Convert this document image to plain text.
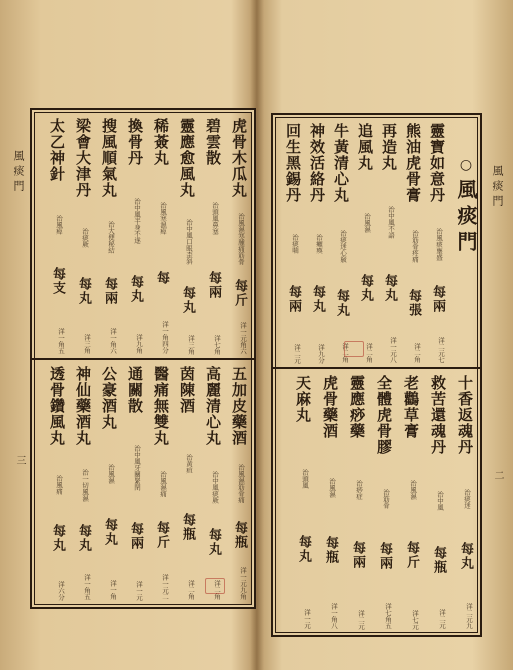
風痰門
三
虎骨木瓜丸
治風濕寒腫痛筋骨
每斤
洋一元角六
碧雲散
治頭風鼻塞
每兩
洋七角
靈應愈風丸
治中風口眼歪斜
每丸
洋三角
稀薟丸
治風寒濕痺
每
洋一角四分
換骨丹
治中風半身不遂
每丸
洋九角
搜風順氣丸
治大便秘結
每兩
洋一角六
梁會大津丹
治痰厥
每丸
洋三角
太乙神針
治風痺
每支
洋一角五
五加皮藥酒
治風濕筋骨痛
每瓶
洋一元九角
高麗清心丸
治中風痰厥
每丸
洋二角
茵陳酒
治黃疸
每瓶
洋二角
醫痛無雙丸
治風濕痛
每斤
洋一元二
通關散
治中風牙關緊閉
每兩
洋一元
公豪酒丸
治風濕
每丸
洋一角
神仙藥酒丸
治一切風濕
每丸
洋一角五
透骨鑽風丸
治風痛
每丸
洋六分
風痰門
二
○風痰門
靈寶如意丹
治風痰壅盛
每兩
洋二元七
熊油虎骨膏
治筋骨疼痛
每張
洋二角
再造丸
治中風不語
每丸
洋一元八
追風丸
治風濕
每丸
洋二角
牛黃清心丸
治痰迷心竅
每丸
洋二角
神效活絡丹
治癱瘓
每丸
洋九分
回生黑錫丹
治痰喘
每兩
洋二元
十香返魂丹
治痰迷
每丸
洋二元九
救苦還魂丹
治中風
每瓶
洋二元
老鸛草膏
治風濕
每斤
洋七元
全體虎骨膠
治筋骨
每兩
洋七角五
靈應痧藥
治痧症
每兩
洋二元
虎骨藥酒
治風濕
每瓶
洋一角八
天麻丸
治頭風
每丸
洋一元
